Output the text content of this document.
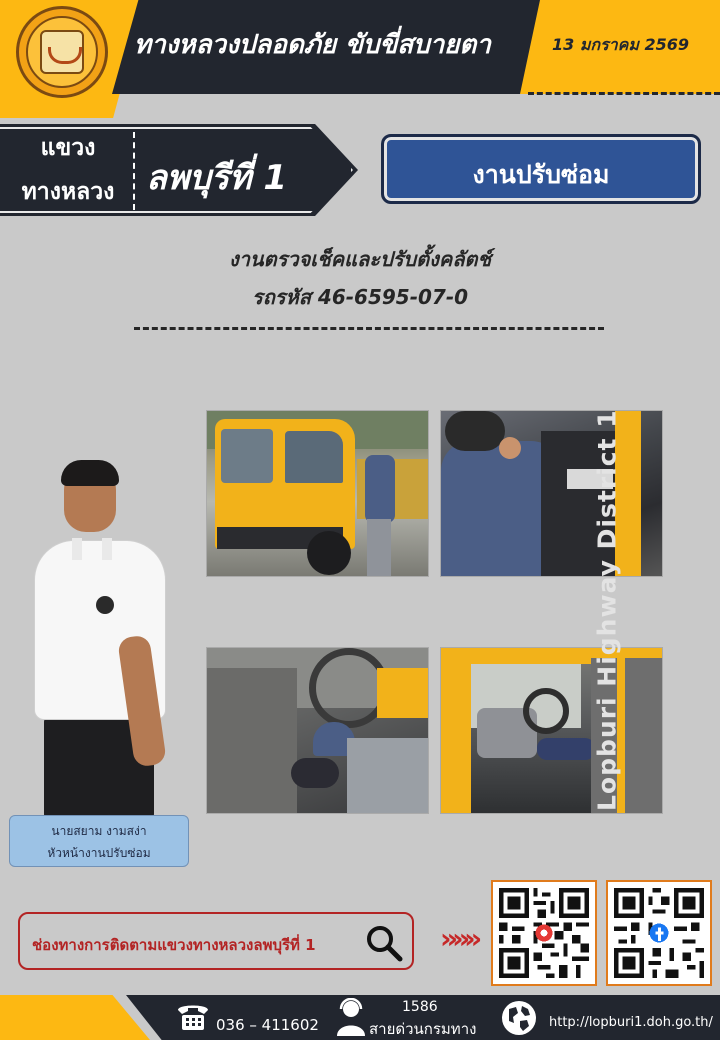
ทางหลวงปลอดภัย ขับขี่สบายตา	13 มกราคม 2569
แขวง
ทางหลวง ลพบุรีที่ 1	งานปรับซ่อม
งานตรวจเช็คและปรับตั้งคลัตช์
รถรหัส 46-6595-07-0
Lopburi Highway District 1
นายสยาม งามสง่า
หัวหน้างานปรับซ่อม
ช่องทางการติดตามแขวงทางหลวงลพบุรีที่ 1	»»»
036 – 411602
1586
สายด่วนกรมทาง	http://lopburi1.doh.go.th/
